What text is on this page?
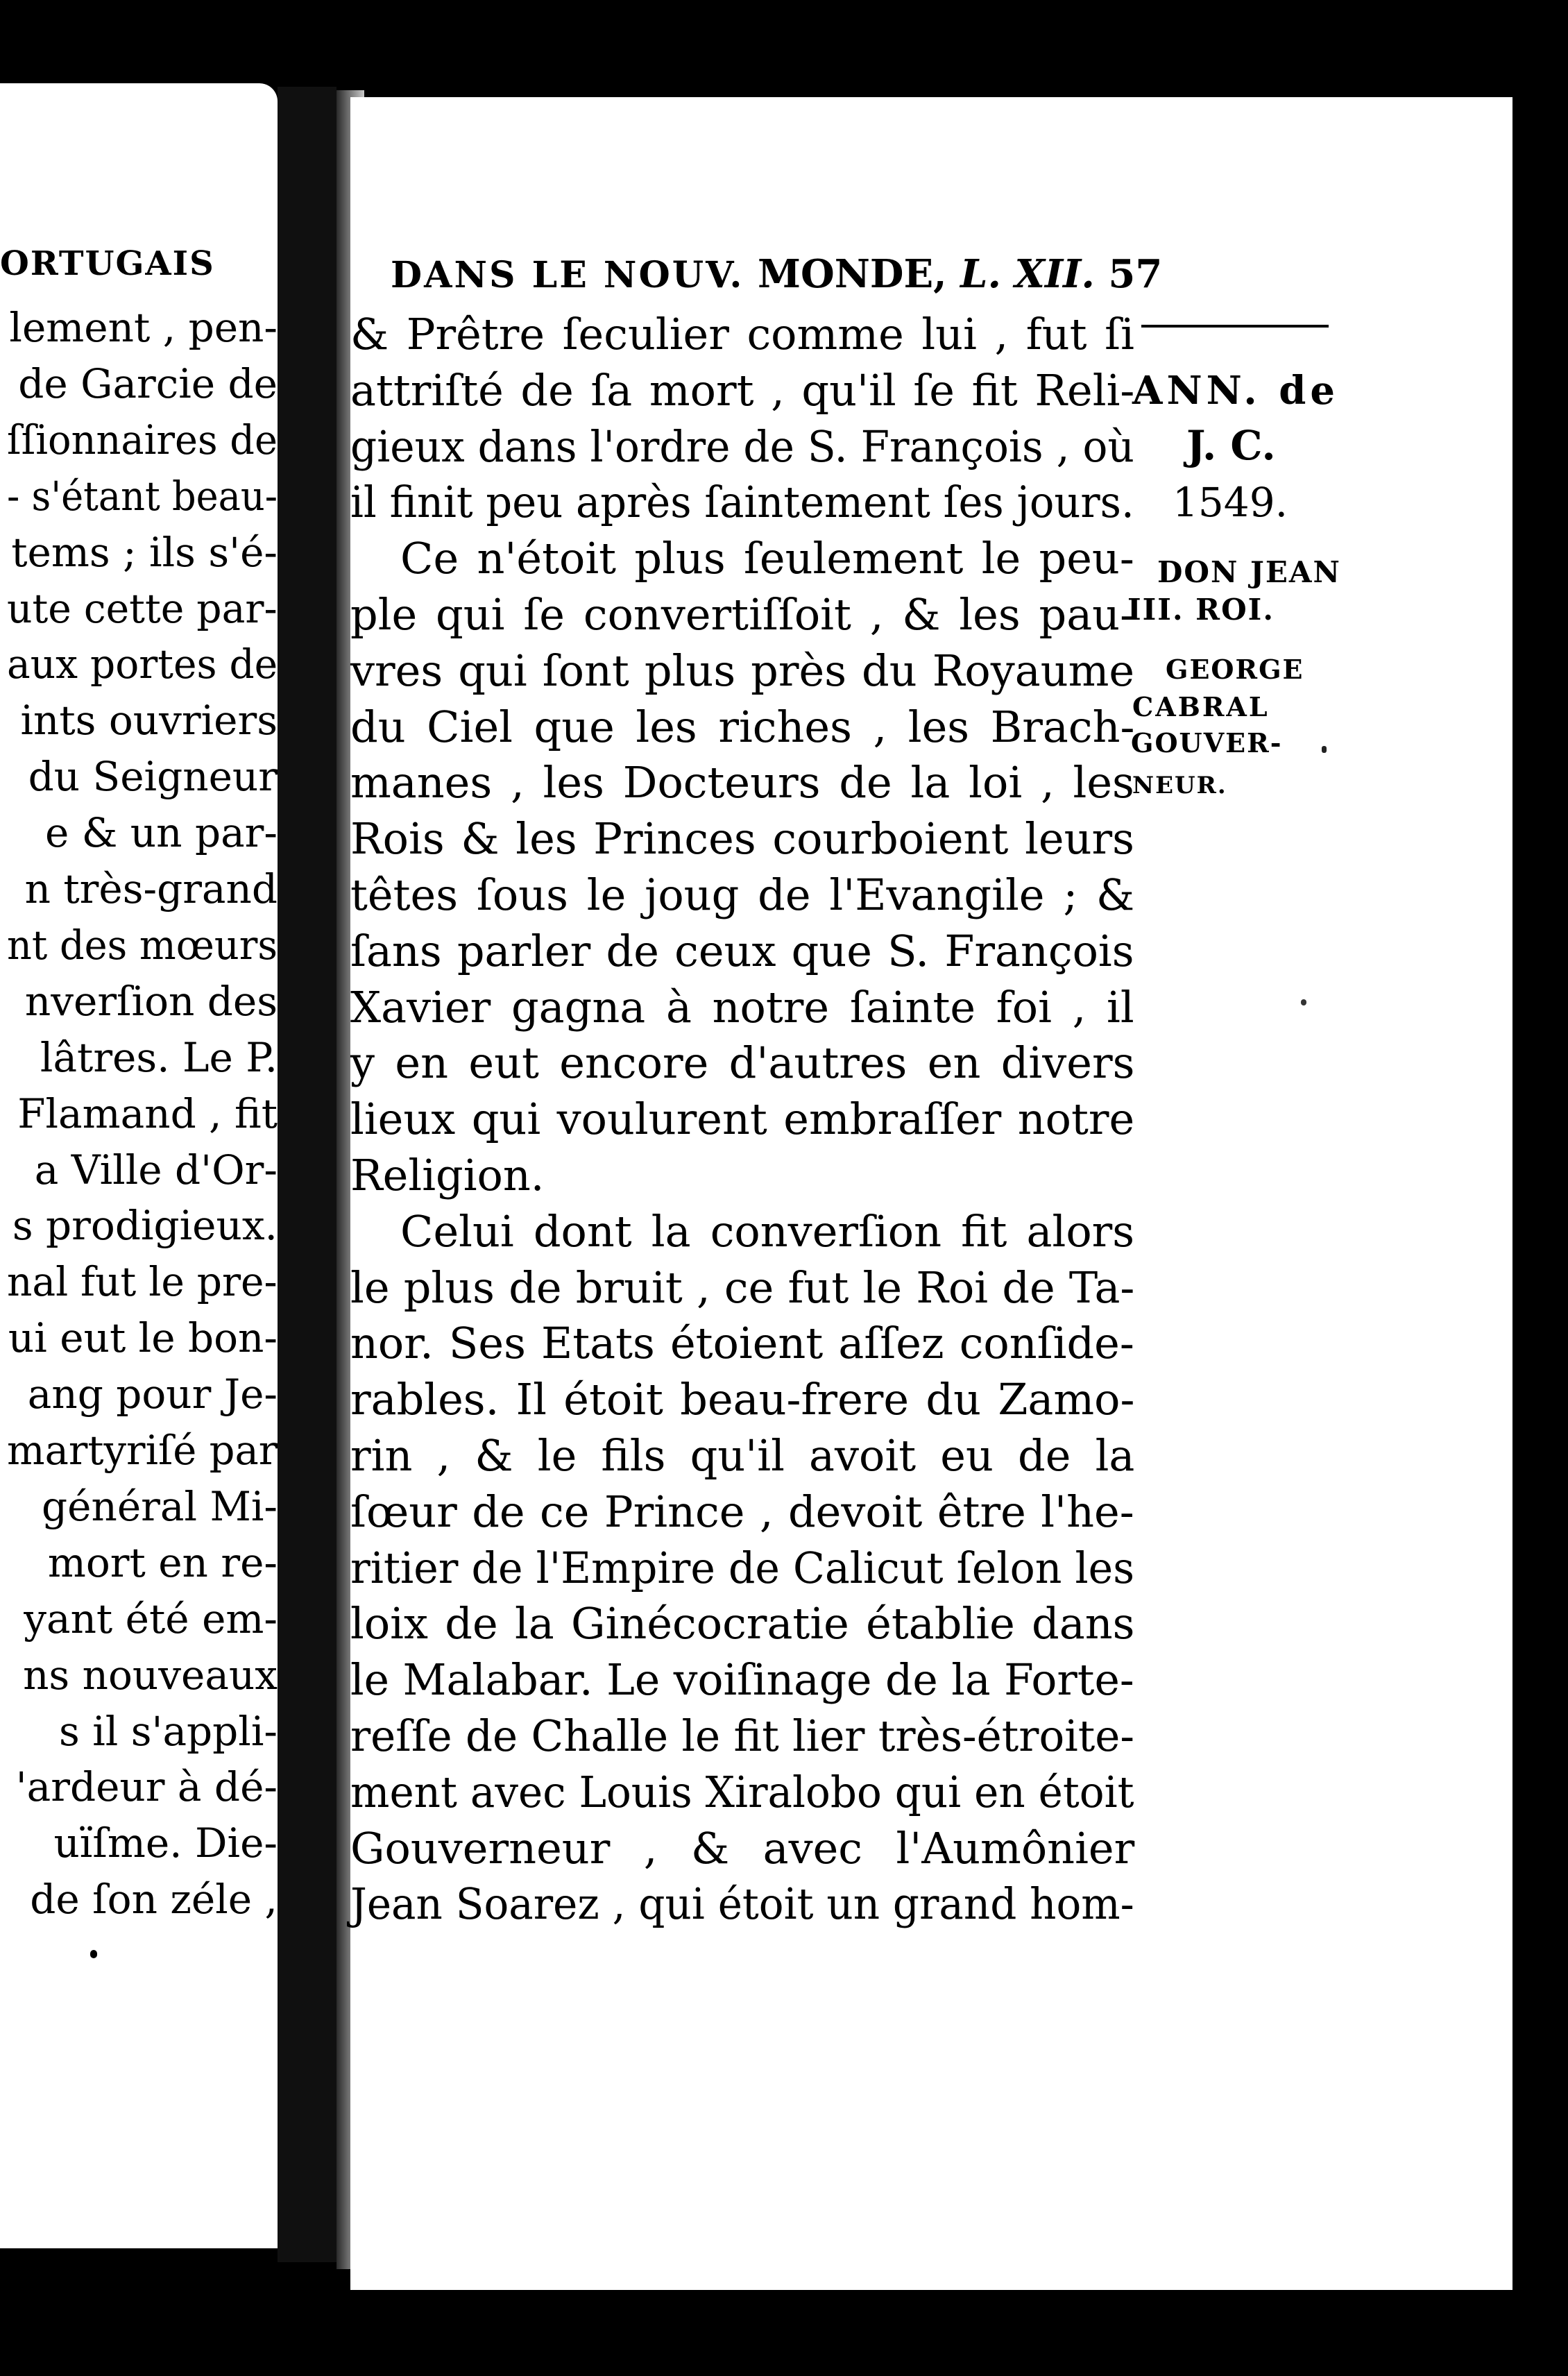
ORTUGAIS
lement , pen-
de Garcie de
ſſionnaires de
- s'étant beau-
tems ; ils s'é-
ute cette par-
aux portes de
ints ouvriers
du Seigneur
e & un par-
n très-grand
nt des mœurs
nverſion des
lâtres. Le P.
Flamand , fit
a Ville d'Or-
s prodigieux.
nal fut le pre-
ui eut le bon-
ang pour Je-
martyriſé par
général Mi-
mort en re-
yant été em-
ns nouveaux
s il s'appli-
'ardeur à dé-
uïſme. Die-
de ſon zéle ,
DANS LE NOUV. MONDE, L. XII. 57
& Prêtre ſeculier comme lui , fut ſi
attriſté de ſa mort , qu'il ſe fit Reli-
gieux dans l'ordre de S. François , où
il finit peu après ſaintement ſes jours.
Ce n'étoit plus ſeulement le peu-
ple qui ſe convertiſſoit , & les pau-
vres qui ſont plus près du Royaume
du Ciel que les riches , les Brach-
manes , les Docteurs de la loi , les
Rois & les Princes courboient leurs
têtes ſous le joug de l'Evangile ; &
ſans parler de ceux que S. François
Xavier gagna à notre ſainte foi , il
y en eut encore d'autres en divers
lieux qui voulurent embraſſer notre
Religion.
Celui dont la converſion fit alors
le plus de bruit , ce fut le Roi de Ta-
nor. Ses Etats étoient aſſez conſide-
rables. Il étoit beau-frere du Zamo-
rin , & le fils qu'il avoit eu de la
ſœur de ce Prince , devoit être l'he-
ritier de l'Empire de Calicut ſelon les
loix de la Ginécocratie établie dans
le Malabar. Le voiſinage de la Forte-
reſſe de Challe le fit lier très-étroite-
ment avec Louis Xiralobo qui en étoit
Gouverneur , & avec l'Aumônier
Jean Soarez , qui étoit un grand hom-
ANN. de
J. C.
1549.
DON JEAN
III. ROI.
GEORGE
CABRAL
GOUVER-
NEUR.
